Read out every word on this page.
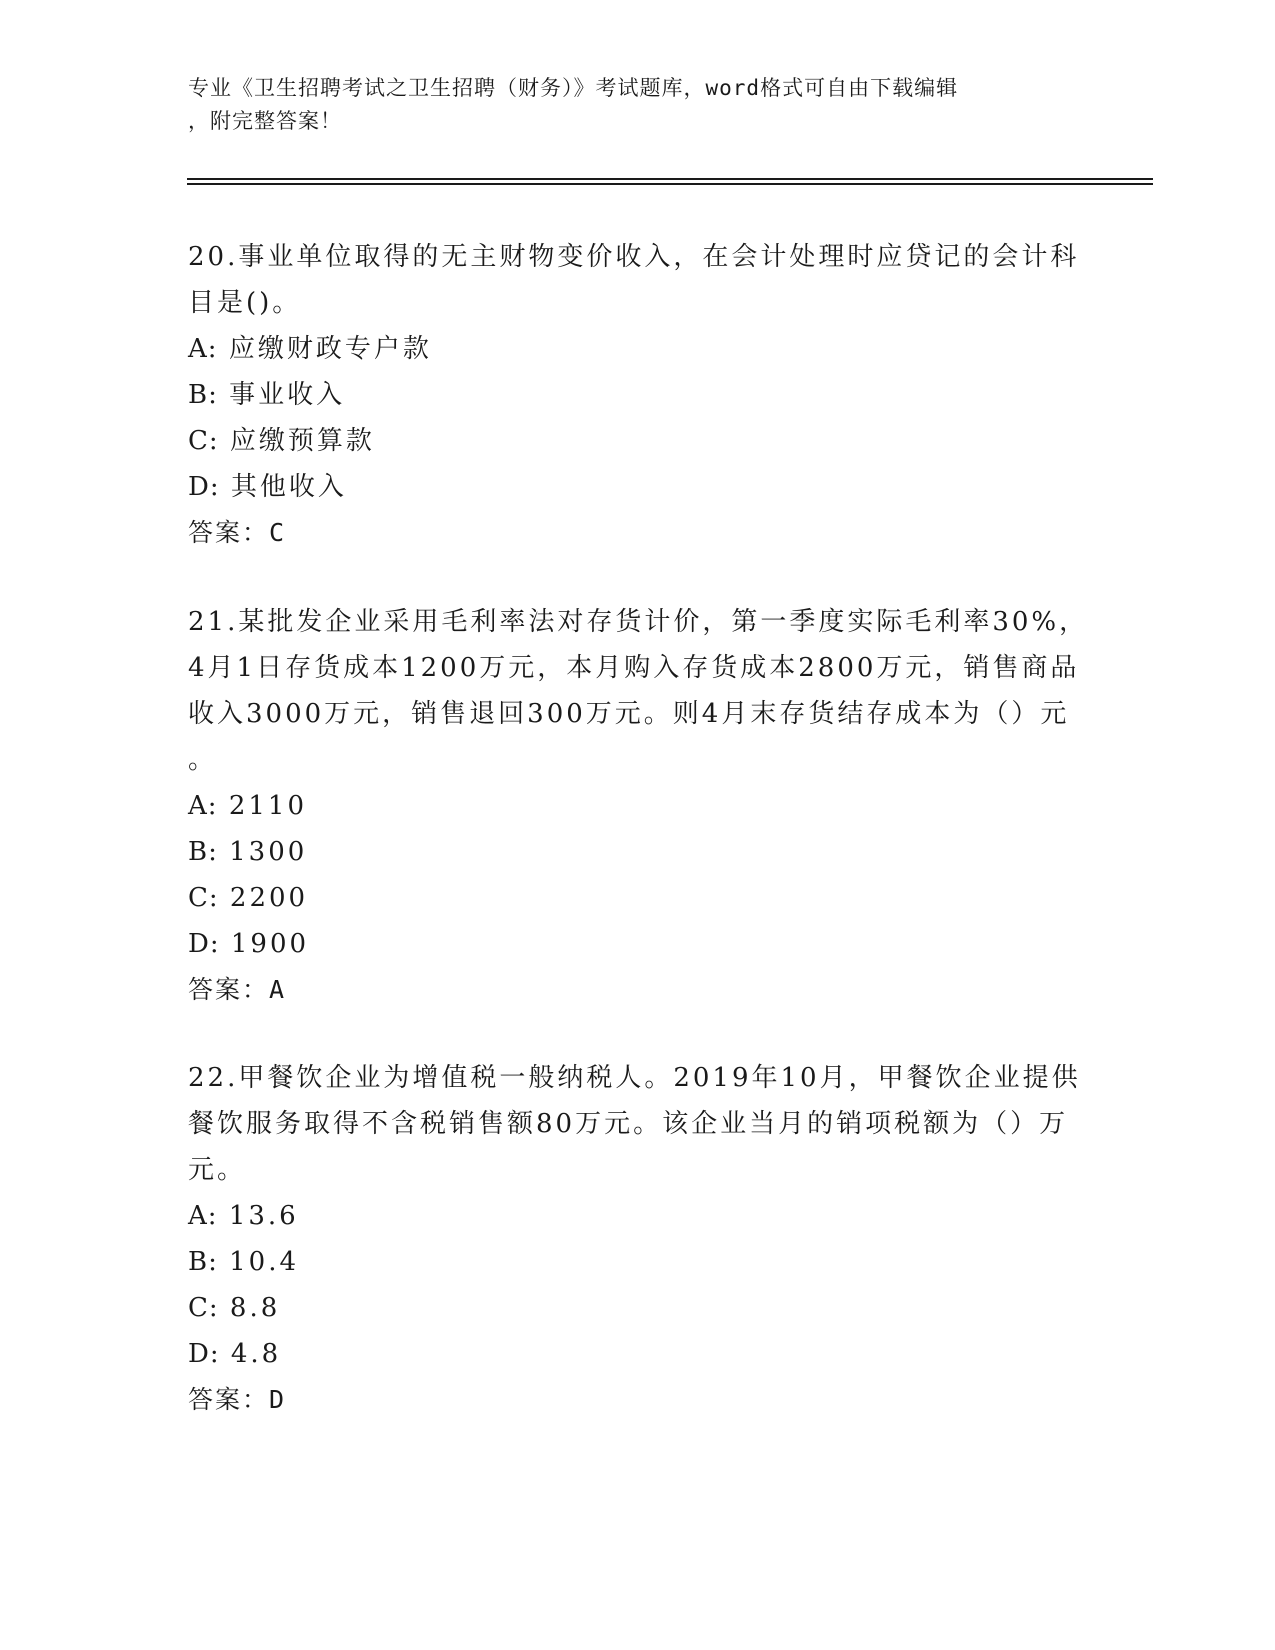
专业《卫生招聘考试之卫生招聘（财务）》考试题库，word格式可自由下载编辑
，附完整答案！
20.事业单位取得的无主财物变价收入，在会计处理时应贷记的会计科
目是()。
A: 应缴财政专户款
B: 事业收入
C: 应缴预算款
D: 其他收入
答案：C
21.某批发企业采用毛利率法对存货计价，第一季度实际毛利率30%，
4月1日存货成本1200万元，本月购入存货成本2800万元，销售商品
收入3000万元，销售退回300万元。则4月末存货结存成本为（）元
。
A: 2110
B: 1300
C: 2200
D: 1900
答案：A
22.甲餐饮企业为增值税一般纳税人。2019年10月，甲餐饮企业提供
餐饮服务取得不含税销售额80万元。该企业当月的销项税额为（）万
元。
A: 13.6
B: 10.4
C: 8.8
D: 4.8
答案：D
